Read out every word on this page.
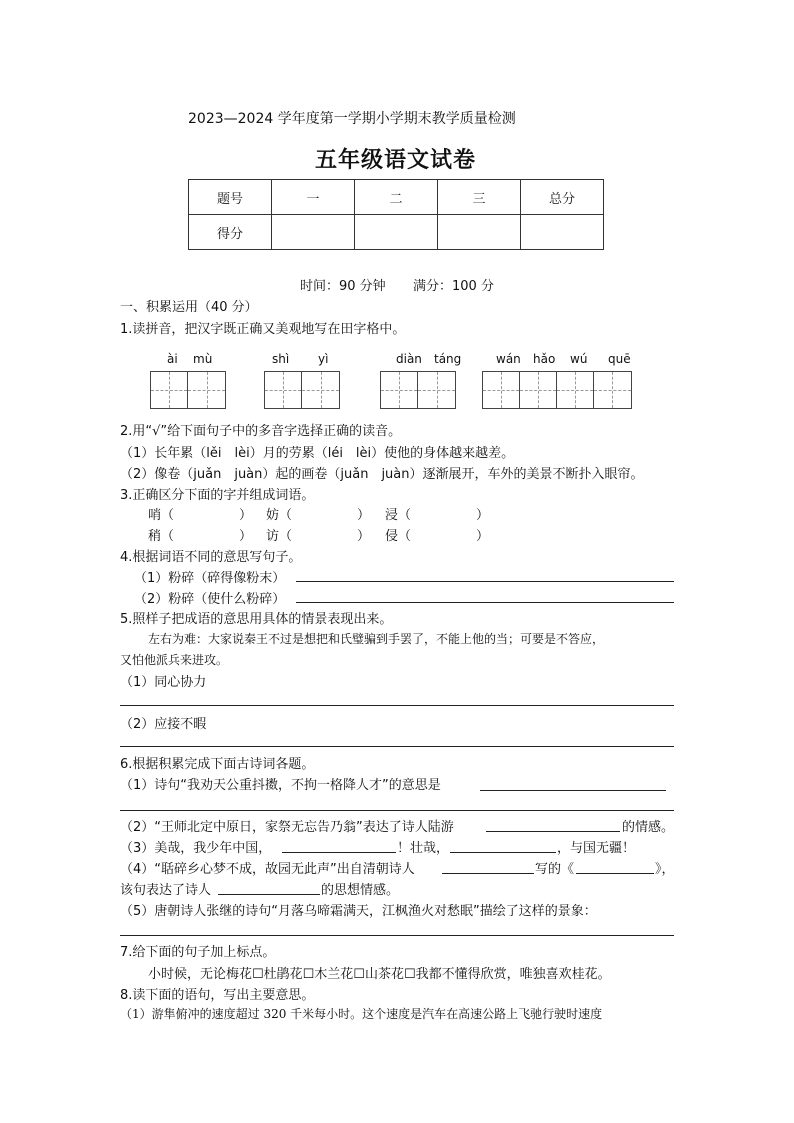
2023—2024 学年度第一学期小学期末教学质量检测
五年级语文试卷
题号	一	二	三	总分
得分				
时间：90 分钟 满分：100 分
一、积累运用（40 分）
1.读拼音，把汉字既正确又美观地写在田字格中。
ài mù	shì yì	diàn táng	wán hǎo wú quē
2.用“√”给下面句子中的多音字选择正确的读音。
（1）长年累（lěi　lèi）月的劳累（léi　lèi）使他的身体越来越差。
（2）像卷（juǎn　juàn）起的画卷（juǎn　juàn）逐渐展开，车外的美景不断扑入眼帘。
3.正确区分下面的字并组成词语。
哨（　　　　　） 妨（　　　　　） 浸（　　　　　）
稍（　　　　　） 访（　　　　　） 侵（　　　　　）
4.根据词语不同的意思写句子。
（1）粉碎（碎得像粉末）
（2）粉碎（使什么粉碎）
5.照样子把成语的意思用具体的情景表现出来。
左右为难：大家说秦王不过是想把和氏璧骗到手罢了，不能上他的当；可要是不答应，
又怕他派兵来进攻。
（1）同心协力
（2）应接不暇
6.根据积累完成下面古诗词各题。
（1）诗句“我劝天公重抖擞，不拘一格降人才”的意思是
（2）“王师北定中原日，家祭无忘告乃翁”表达了诗人陆游	的情感。
（3）美哉，我少年中国，	！壮哉，	，与国无疆！
（4）“聒碎乡心梦不成，故园无此声”出自清朝诗人	写的《	》，
该句表达了诗人	的思想情感。
（5）唐朝诗人张继的诗句“月落乌啼霜满天，江枫渔火对愁眠”描绘了这样的景象：
7.给下面的句子加上标点。
小时候，无论梅花☐杜鹃花☐木兰花☐山茶花☐我都不懂得欣赏，唯独喜欢桂花。
8.读下面的语句，写出主要意思。
（1）游隼俯冲的速度超过 320 千米每小时。这个速度是汽车在高速公路上飞驰行驶时速度
